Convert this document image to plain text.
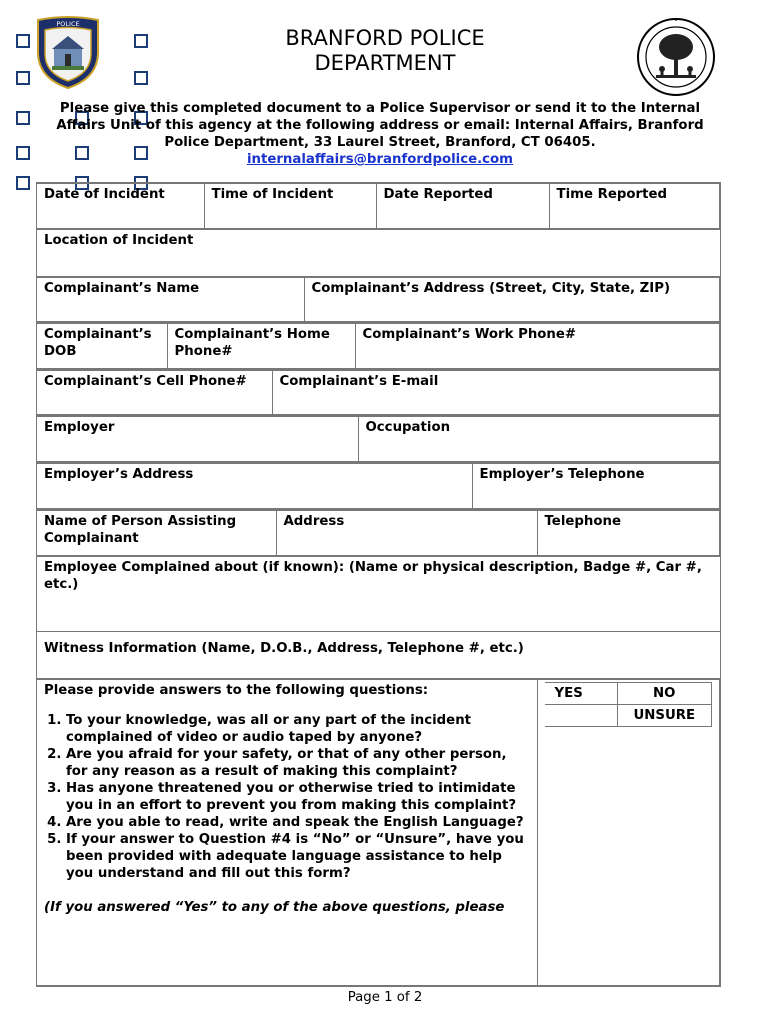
POLICE
BRANFORD POLICE
DEPARTMENT
Please give this completed document to a Police Supervisor or send it to the Internal Affairs Unit of this agency at the following address or email: Internal Affairs, Branford Police Department, 33 Laurel Street, Branford, CT 06405.
internalaffairs@branfordpolice.com
Date of Incident	Time of Incident	Date Reported	Time Reported

Location of Incident

Complainant’s Name	Complainant’s Address (Street, City, State, ZIP)

Complainant’s DOB	Complainant’s Home Phone#	Complainant’s Work Phone#

Complainant’s Cell Phone#	Complainant’s E-mail

Employer	Occupation

Employer’s Address	Employer’s Telephone

Name of Person Assisting Complainant	Address	Telephone

Employee Complained about (if known): (Name or physical description, Badge #, Car #, etc.)
Witness Information (Name, D.O.B., Address, Telephone #, etc.)

Please provide answers to the following questions:
1. To your knowledge, was all or any part of the incident complained of video or audio taped by anyone?
2. Are you afraid for your safety, or that of any other person, for any reason as a result of making this complaint?
3. Has anyone threatened you or otherwise tried to intimidate you in an effort to prevent you from making this complaint?
4. Are you able to read, write and speak the English Language?
5. If your answer to Question #4 is “No” or “Unsure”, have you been provided with adequate language assistance to help you understand and fill out this form?
(If you answered “Yes” to any of the above questions, please

YES	NO
	UNSURE
Page 1 of 2
